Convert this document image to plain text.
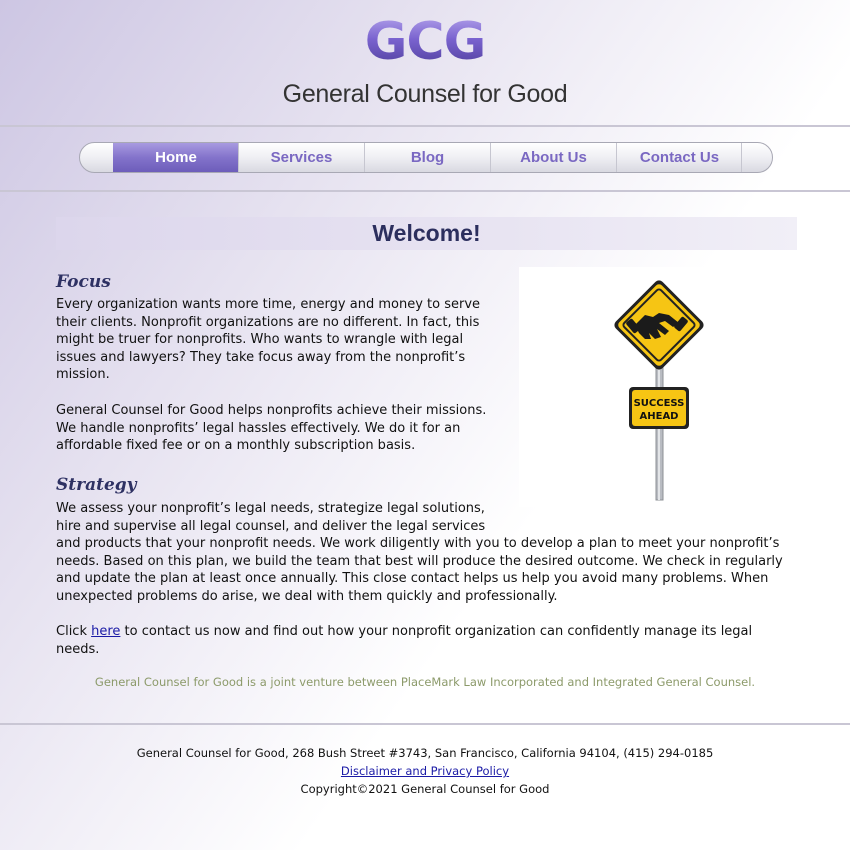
GCG
General Counsel for Good
Home	Services	Blog	About Us	Contact Us
Welcome!
Focus
Every organization wants more time, energy and money to serve
their clients. Nonprofit organizations are no different. In fact, this
might be truer for nonprofits. Who wants to wrangle with legal
issues and lawyers? They take focus away from the nonprofit’s
mission.
General Counsel for Good helps nonprofits achieve their missions.
We handle nonprofits’ legal hassles effectively. We do it for an
affordable fixed fee or on a monthly subscription basis.
SUCCESS
AHEAD
Strategy
We assess your nonprofit’s legal needs, strategize legal solutions,
hire and supervise all legal counsel, and deliver the legal services
and products that your nonprofit needs. We work diligently with you to develop a plan to meet your nonprofit’s
needs. Based on this plan, we build the team that best will produce the desired outcome. We check in regularly
and update the plan at least once annually. This close contact helps us help you avoid many problems. When
unexpected problems do arise, we deal with them quickly and professionally.
Click here to contact us now and find out how your nonprofit organization can confidently manage its legal
needs.
General Counsel for Good is a joint venture between PlaceMark Law Incorporated and Integrated General Counsel.
General Counsel for Good, 268 Bush Street #3743, San Francisco, California 94104, (415) 294-0185
Disclaimer and Privacy Policy
Copyright©2021 General Counsel for Good
